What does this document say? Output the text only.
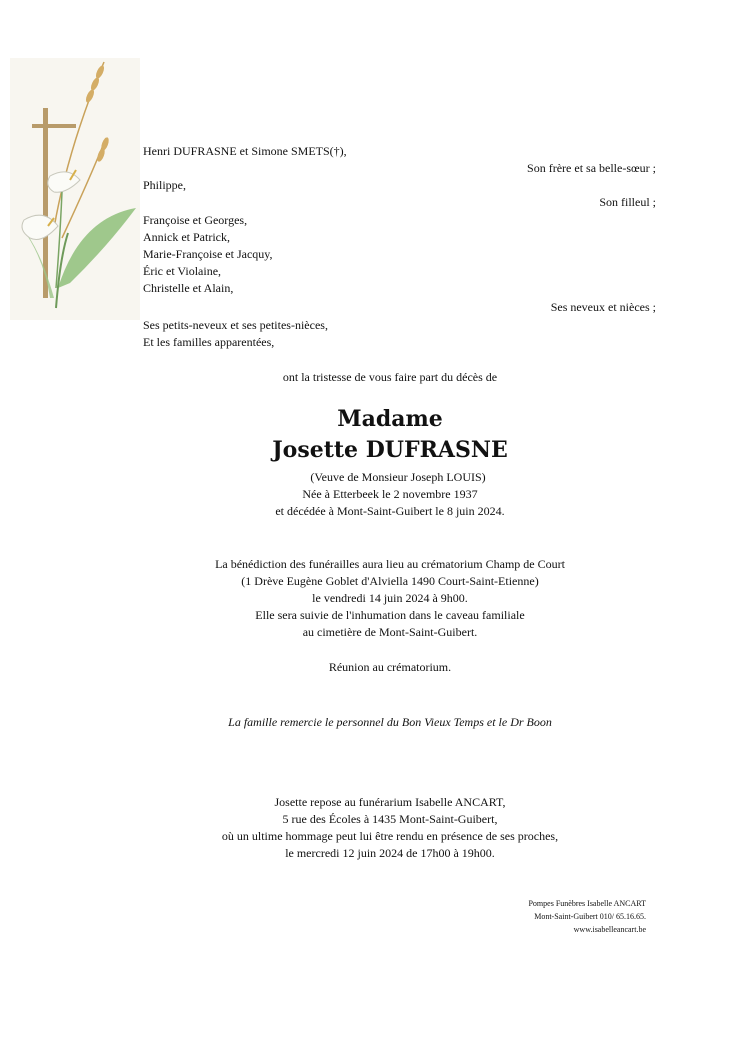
Henri DUFRASNE et Simone SMETS(†),
Son frère et sa belle-sœur ;
Philippe,
Son filleul ;
Françoise et Georges,
Annick et Patrick,
Marie-Françoise et Jacquy,
Éric et Violaine,
Christelle et Alain,
Ses neveux et nièces ;
Ses petits-neveux et ses petites-nièces,
Et les familles apparentées,
ont la tristesse de vous faire part du décès de
Madame
Josette DUFRASNE
(Veuve de Monsieur Joseph LOUIS)
Née à Etterbeek le 2 novembre 1937
et décédée à Mont-Saint-Guibert le 8 juin 2024.
La bénédiction des funérailles aura lieu au crématorium Champ de Court
(1 Drève Eugène Goblet d'Alviella 1490 Court-Saint-Etienne)
le vendredi 14 juin 2024 à 9h00.
Elle sera suivie de l'inhumation dans le caveau familiale
au cimetière de Mont-Saint-Guibert.
Réunion au crématorium.
La famille remercie le personnel du Bon Vieux Temps et le Dr Boon
Josette repose au funérarium Isabelle ANCART,
5 rue des Écoles à 1435 Mont-Saint-Guibert,
où un ultime hommage peut lui être rendu en présence de ses proches,
le mercredi 12 juin 2024 de 17h00 à 19h00.
Pompes Funèbres Isabelle ANCART
Mont-Saint-Guibert 010/ 65.16.65.
www.isabelleancart.be
